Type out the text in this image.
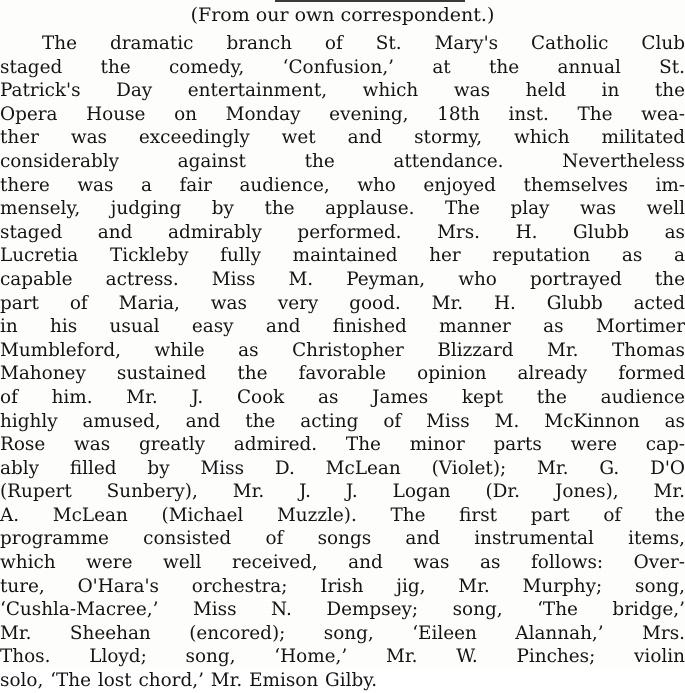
(From our own correspondent.)
The dramatic branch of St. Mary's Catholic Club
staged the comedy, ‘Confusion,’ at the annual St.
Patrick's Day entertainment, which was held in the
Opera House on Monday evening, 18th inst. The wea-
ther was exceedingly wet and stormy, which militated
considerably against the attendance. Nevertheless
there was a fair audience, who enjoyed themselves im-
mensely, judging by the applause. The play was well
staged and admirably performed. Mrs. H. Glubb as
Lucretia Tickleby fully maintained her reputation as a
capable actress. Miss M. Peyman, who portrayed the
part of Maria, was very good. Mr. H. Glubb acted
in his usual easy and finished manner as Mortimer
Mumbleford, while as Christopher Blizzard Mr. Thomas
Mahoney sustained the favorable opinion already formed
of him. Mr. J. Cook as James kept the audience
highly amused, and the acting of Miss M. McKinnon as
Rose was greatly admired. The minor parts were cap-
ably filled by Miss D. McLean (Violet); Mr. G. D'O
(Rupert Sunbery), Mr. J. J. Logan (Dr. Jones), Mr.
A. McLean (Michael Muzzle). The first part of the
programme consisted of songs and instrumental items,
which were well received, and was as follows: Over-
ture, O'Hara's orchestra; Irish jig, Mr. Murphy; song,
‘Cushla-Macree,’ Miss N. Dempsey; song, ‘The bridge,’
Mr. Sheehan (encored); song, ‘Eileen Alannah,’ Mrs.
Thos. Lloyd; song, ‘Home,’ Mr. W. Pinches; violin
solo, ‘The lost chord,’ Mr. Emison Gilby.
